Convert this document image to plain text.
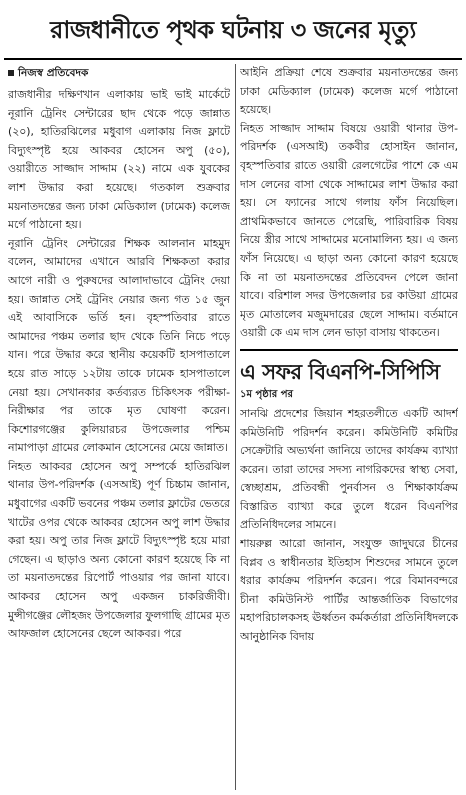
রাজধানীতে পৃথক ঘটনায় ৩ জনের মৃত্যু
নিজস্ব প্রতিবেদক

রাজধানীর দক্ষিণখান এলাকায় ভাই ভাই মার্কেটে নূরানি ট্রেনিং সেন্টারের ছাদ থেকে পড়ে জান্নাত (২০), হাতিরঝিলের মধুবাগ এলাকায় নিজ ফ্লাটে বিদ্যুৎস্পৃষ্ট হয়ে আকবর হোসেন অপু (৫০), ওয়ারীতে সাজ্জাদ সাদ্দাম (২২) নামে এক যুবকের লাশ উদ্ধার করা হয়েছে। গতকাল শুক্রবার ময়নাতদন্তের জন্য ঢাকা মেডিক্যাল (ঢামেক) কলেজ মর্গে পাঠানো হয়।

নূরানি ট্রেনিং সেন্টারের শিক্ষক আলনান মাহমুদ বলেন, আমাদের এখানে আরবি শিক্ষকতা করার আগে নারী ও পুরুষদের আলাদাভাবে ট্রেনিং দেয়া হয়। জান্নাত সেই ট্রেনিং নেয়ার জন্য গত ১৫ জুন এই আবাসিকে ভর্তি হন। বৃহস্পতিবার রাতে আমাদের পঞ্চম তলার ছাদ থেকে তিনি নিচে পড়ে যান। পরে উদ্ধার করে স্থানীয় কয়েকটি হাসপাতালে হয়ে রাত সাড়ে ১২টায় তাকে ঢামেক হাসপাতালে নেয়া হয়। সেখানকার কর্তব্যরত চিকিৎসক পরীক্ষা-নিরীক্ষার পর তাকে মৃত ঘোষণা করেন। কিশোরগঞ্জের কুলিয়ারচর উপজেলার পশ্চিম নামাপাড়া গ্রামের লোকমান হোসেনের মেয়ে জান্নাত।

নিহত আকবর হোসেন অপু সম্পর্কে হাতিরঝিল থানার উপ-পরিদর্শক (এসআই) পূর্ণ চিচ্চাম জানান, মধুবাগের একটি ভবনের পঞ্চম তলার ফ্লাটের ভেতরে খাটের ওপর থেকে আকবর হোসেন অপু লাশ উদ্ধার করা হয়। অপু তার নিজ ফ্লাটে বিদ্যুৎস্পৃষ্ট হয়ে মারা গেছেন। এ ছাড়াও অন্য কোনো কারণ হয়েছে কি না তা ময়নাতদন্তের রিপোর্ট পাওয়ার পর জানা যাবে। আকবর হোসেন অপু একজন চাকরিজীবী। মুন্সীগঞ্জের লৌহজং উপজেলার ফুলগাছি গ্রামের মৃত আফজাল হোসেনের ছেলে আকবর। পরে

আইনি প্রক্রিয়া শেষে শুক্রবার ময়নাতদন্তের জন্য ঢাকা মেডিক্যাল (ঢামেক) কলেজ মর্গে পাঠানো হয়েছে।

নিহত সাজ্জাদ সাদ্দাম বিষয়ে ওয়ারী থানার উপ-পরিদর্শক (এসআই) তকবীর হোসাইন জানান, বৃহস্পতিবার রাতে ওয়ারী রেলগেটের পাশে কে এম দাস লেনের বাসা থেকে সাদ্দামের লাশ উদ্ধার করা হয়। সে ফ্যানের সাথে গলায় ফাঁস নিয়েছিল। প্রাথমিকভাবে জানতে পেরেছি, পারিবারিক বিষয় নিয়ে স্ত্রীর সাথে সাদ্দামের মনোমালিন্য হয়। এ জন্য ফাঁস নিয়েছে। এ ছাড়া অন্য কোনো কারণ হয়েছে কি না তা ময়নাতদন্তের প্রতিবেদন পেলে জানা যাবে। বরিশাল সদর উপজেলার চর কাউয়া গ্রামের মৃত মোতালেব মজুমদারের ছেলে সাদ্দাম। বর্তমানে ওয়ারী কে এম দাস লেন ভাড়া বাসায় থাকতেন।

এ সফর বিএনপি-সিপিসি
১ম পৃষ্ঠার পর

সানঝি প্রদেশের জিয়ান শহরতলীতে একটি আদর্শ কমিউনিটি পরিদর্শন করেন। কমিউনিটি কমিটির সেক্রেটারি অভ্যর্থনা জানিয়ে তাদের কার্যক্রম ব্যাখ্যা করেন। তারা তাদের সদস্য নাগরিকদের স্বাস্থ্য সেবা, স্বেচ্ছাশ্রম, প্রতিবন্ধী পুনর্বাসন ও শিক্ষাকার্যক্রম বিস্তারিত ব্যাখ্যা করে তুলে ধরেন বিএনপির প্রতিনিধিদলের সামনে।

শায়রুল্ল আরো জানান, সংযুক্ত জাদুঘরে চীনের বিপ্লব ও স্বাধীনতার ইতিহাস শিশুদের সামনে তুলে ধরার কার্যক্রম পরিদর্শন করেন। পরে বিমানবন্দরে চীনা কমিউনিস্ট পার্টির আন্তর্জাতিক বিভাগের মহাপরিচালকসহ ঊর্ধ্বতন কর্মকর্তারা প্রতিনিধিদলকে আনুষ্ঠানিক বিদায়
